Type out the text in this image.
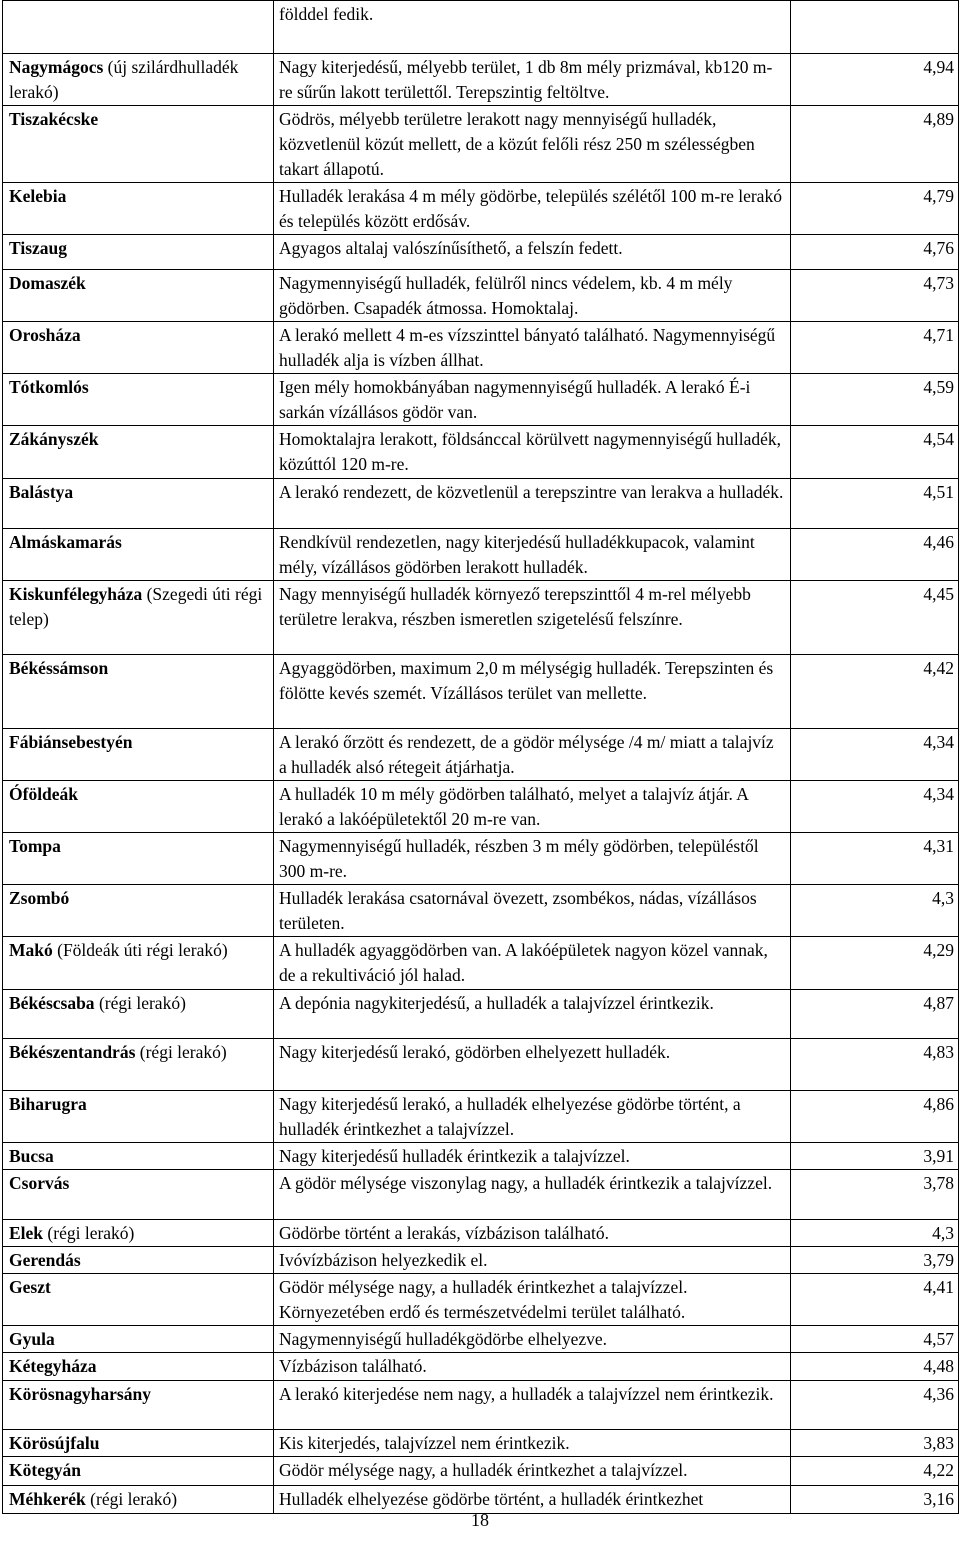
	földdel fedik.	
Nagymágocs (új szilárdhulladék lerakó)	Nagy kiterjedésű, mélyebb terület, 1 db 8m mély prizmával, kb120 m-re sűrűn lakott területtől. Terepszintig feltöltve.	4,94
Tiszakécske	Gödrös, mélyebb területre lerakott nagy mennyiségű hulladék, közvetlenül közút mellett, de a közút felőli rész 250 m szélességben takart állapotú.	4,89
Kelebia	Hulladék lerakása 4 m mély gödörbe, település szélétől 100 m-re lerakó és település között erdősáv.	4,79
Tiszaug	Agyagos altalaj valószínűsíthető, a felszín fedett.	4,76
Domaszék	Nagymennyiségű hulladék, felülről nincs védelem, kb. 4 m mély gödörben. Csapadék átmossa. Homoktalaj.	4,73
Orosháza	A lerakó mellett 4 m-es vízszinttel bányató található. Nagymennyiségű hulladék alja is vízben állhat.	4,71
Tótkomlós	Igen mély homokbányában nagymennyiségű hulladék. A lerakó É-i sarkán vízállásos gödör van.	4,59
Zákányszék	Homoktalajra lerakott, földsánccal körülvett nagymennyiségű hulladék, közúttól 120 m-re.	4,54
Balástya	A lerakó rendezett, de közvetlenül a terepszintre van lerakva a hulladék.	4,51
Almáskamarás	Rendkívül rendezetlen, nagy kiterjedésű hulladékkupacok, valamint mély, vízállásos gödörben lerakott hulladék.	4,46
Kiskunfélegyháza (Szegedi úti régi telep)	Nagy mennyiségű hulladék környező terepszinttől 4 m-rel mélyebb területre lerakva, részben ismeretlen szigetelésű felszínre.	4,45
Békéssámson	Agyaggödörben, maximum 2,0 m mélységig hulladék. Terepszinten és fölötte kevés szemét. Vízállásos terület van mellette.	4,42
Fábiánsebestyén	A lerakó őrzött és rendezett, de a gödör mélysége /4 m/ miatt a talajvíz a hulladék alsó rétegeit átjárhatja.	4,34
Óföldeák	A hulladék 10 m mély gödörben található, melyet a talajvíz átjár. A lerakó a lakóépületektől 20 m-re van.	4,34
Tompa	Nagymennyiségű hulladék, részben 3 m mély gödörben, településtől 300 m-re.	4,31
Zsombó	Hulladék lerakása csatornával övezett, zsombékos, nádas, vízállásos területen.	4,3
Makó (Földeák úti régi lerakó)	A hulladék agyaggödörben van. A lakóépületek nagyon közel vannak, de a rekultiváció jól halad.	4,29
Békéscsaba (régi lerakó)	A depónia nagykiterjedésű, a hulladék a talajvízzel érintkezik.	4,87
Békészentandrás (régi lerakó)	Nagy kiterjedésű lerakó, gödörben elhelyezett hulladék.	4,83
Biharugra	Nagy kiterjedésű lerakó, a hulladék elhelyezése gödörbe történt, a hulladék érintkezhet a talajvízzel.	4,86
Bucsa	Nagy kiterjedésű hulladék érintkezik a talajvízzel.	3,91
Csorvás	A gödör mélysége viszonylag nagy, a hulladék érintkezik a talajvízzel.	3,78
Elek (régi lerakó)	Gödörbe történt a lerakás, vízbázison található.	4,3
Gerendás	Ivóvízbázison helyezkedik el.	3,79
Geszt	Gödör mélysége nagy, a hulladék érintkezhet a talajvízzel. Környezetében erdő és természetvédelmi terület található.	4,41
Gyula	Nagymennyiségű hulladékgödörbe elhelyezve.	4,57
Kétegyháza	Vízbázison található.	4,48
Körösnagyharsány	A lerakó kiterjedése nem nagy, a hulladék a talajvízzel nem érintkezik.	4,36
Körösújfalu	Kis kiterjedés, talajvízzel nem érintkezik.	3,83
Kötegyán	Gödör mélysége nagy, a hulladék érintkezhet a talajvízzel.	4,22
Méhkerék (régi lerakó)	Hulladék elhelyezése gödörbe történt, a hulladék érintkezhet	3,16
18
